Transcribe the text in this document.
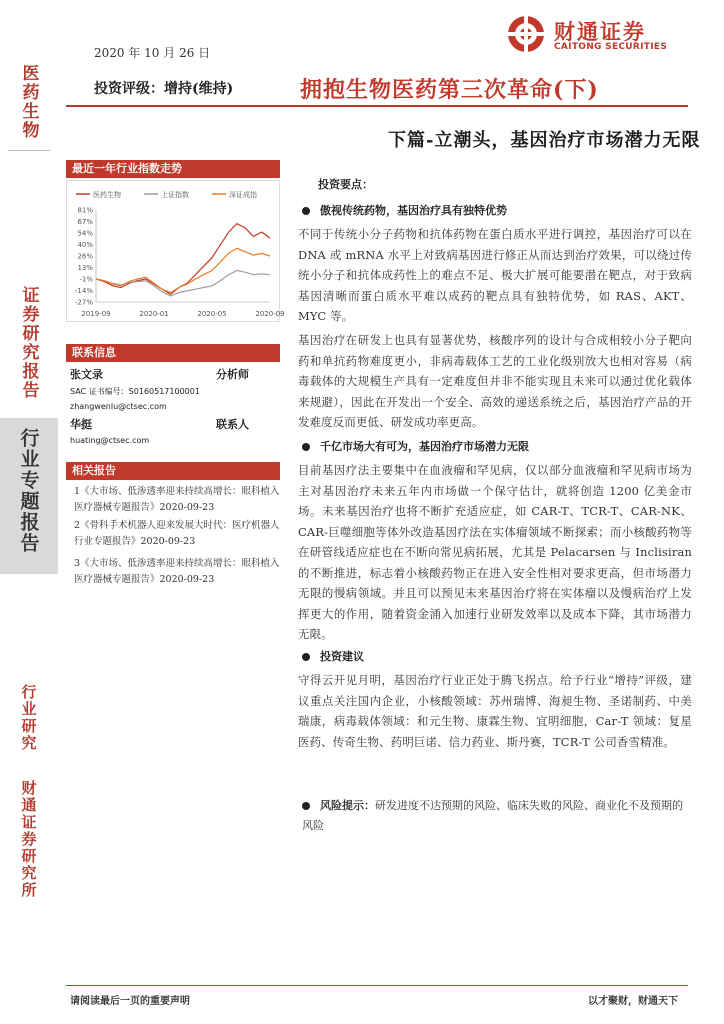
医药生物
证券研究报告
行业专题报告
行业研究
财通证券研究所
2020 年 10 月 26 日
财通证券
CAITONG SECURITIES
投资评级：增持(维持)	拥抱生物医药第三次革命(下)
下篇-立潮头，基因治疗市场潜力无限
最近一年行业指数走势
医药生物	上证指数	深证成指
81%
67%
54%
40%
26%
13%
-1%
-14%
-27%
2019-09	2020-01	2020-05	2020-09
联系信息
张文录	分析师
SAC 证书编号：S0160517100001
zhangwenlu@ctsec.com
华挺	联系人
huating@ctsec.com
相关报告
1《大市场、低渗透率迎来持续高增长：眼科植入医疗器械专题报告》2020-09-23
2《骨科手术机器人迎来发展大时代：医疗机器人行业专题报告》2020-09-23
3《大市场、低渗透率迎来持续高增长：眼科植入医疗器械专题报告》2020-09-23
投资要点：
傲视传统药物，基因治疗具有独特优势
不同于传统小分子药物和抗体药物在蛋白质水平进行调控，基因治疗可以在 DNA 或 mRNA 水平上对致病基因进行修正从而达到治疗效果，可以绕过传统小分子和抗体成药性上的难点不足、极大扩展可能要潜在靶点，对于致病基因清晰而蛋白质水平难以成药的靶点具有独特优势，如 RAS、AKT、MYC 等。
基因治疗在研发上也具有显著优势，核酸序列的设计与合成相较小分子靶向药和单抗药物难度更小，非病毒载体工艺的工业化级别放大也相对容易（病毒载体的大规模生产具有一定难度但并非不能实现且未来可以通过优化载体来规避），因此在开发出一个安全、高效的递送系统之后，基因治疗产品的开发难度反而更低、研发成功率更高。
千亿市场大有可为，基因治疗市场潜力无限
目前基因疗法主要集中在血液瘤和罕见病，仅以部分血液瘤和罕见病市场为主对基因治疗未来五年内市场做一个保守估计，就将创造 1200 亿美金市场。未来基因治疗也将不断扩充适应症，如 CAR-T、TCR-T、CAR-NK、CAR-巨噬细胞等体外改造基因疗法在实体瘤领域不断探索；而小核酸药物等在研管线适应症也在不断向常见病拓展，尤其是 Pelacarsen 与 Inclisiran 的不断推进，标志着小核酸药物正在进入安全性相对要求更高，但市场潜力无限的慢病领域。并且可以预见未来基因治疗将在实体瘤以及慢病治疗上发挥更大的作用，随着资金涌入加速行业研发效率以及成本下降，其市场潜力无限。
投资建议
守得云开见月明，基因治疗行业正处于腾飞拐点。给予行业“增持”评级，建议重点关注国内企业，小核酸领域：苏州瑞博、海昶生物、圣诺制药、中美瑞康，病毒载体领域：和元生物、康霖生物、宜明细胞，Car-T 领域：复星医药、传奇生物、药明巨诺、信力药业、斯丹赛，TCR-T 公司香雪精准。
风险提示：研发进度不达预期的风险、临床失败的风险、商业化不及预期的风险
请阅读最后一页的重要声明	以才聚财，财通天下
